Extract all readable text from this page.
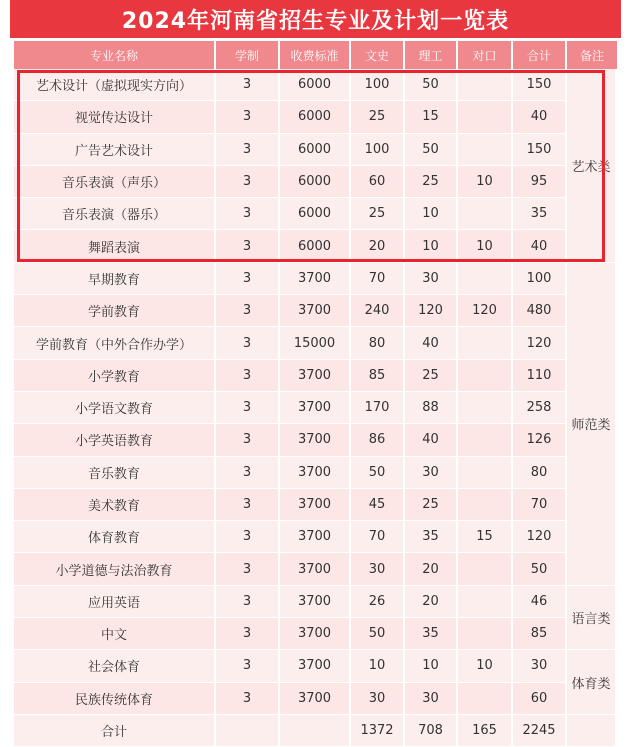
2024年河南省招生专业及计划一览表
专业名称	学制	收费标准	文史	理工	对口	合计	备注
艺术设计（虚拟现实方向）	3	6000	100	50		150	艺术类
视觉传达设计	3	6000	25	15		40	
广告艺术设计	3	6000	100	50		150	
音乐表演（声乐）	3	6000	60	25	10	95	
音乐表演（器乐）	3	6000	25	10		35	
舞蹈表演	3	6000	20	10	10	40	
早期教育	3	3700	70	30		100	师范类
学前教育	3	3700	240	120	120	480	
学前教育（中外合作办学）	3	15000	80	40		120	
小学教育	3	3700	85	25		110	
小学语文教育	3	3700	170	88		258	
小学英语教育	3	3700	86	40		126	
音乐教育	3	3700	50	30		80	
美术教育	3	3700	45	25		70	
体育教育	3	3700	70	35	15	120	
小学道德与法治教育	3	3700	30	20		50	
应用英语	3	3700	26	20		46	语言类
中文	3	3700	50	35		85	
社会体育	3	3700	10	10	10	30	体育类
民族传统体育	3	3700	30	30		60	
合计			1372	708	165	2245	
